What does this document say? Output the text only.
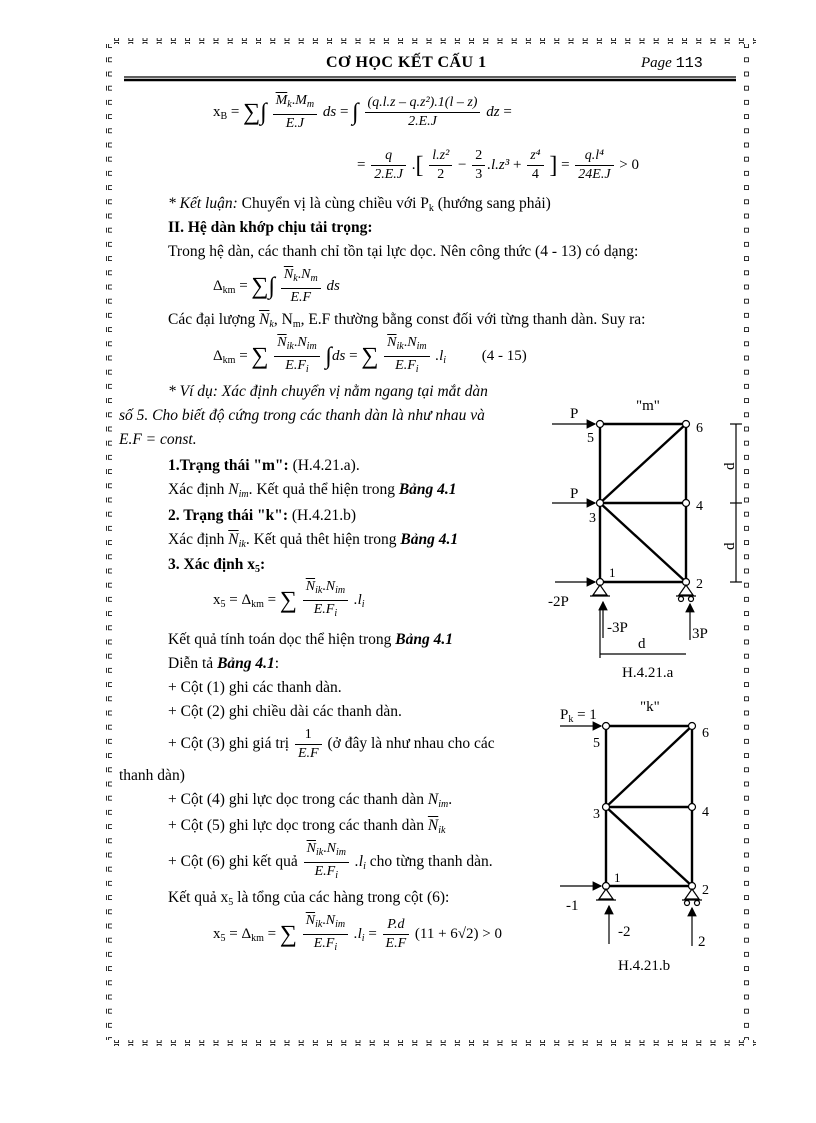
CƠ HỌC KẾT CẤU 1	Page 113
$x_B$ = ∑∫ $\frac{\overline{M}_k.M_m}{E.J}$ ds = ∫ $\frac{\text{(q.l.z – q.z²).1(l – z)}}{2.E.J}$ dz =
= $\frac{q}{2.E.J}$ .[ $\frac{\text{l.z²}}{2} - \frac{2}{3} .l.z^3 + \frac{\text{z⁴}}{4}$ ] = $\frac{\text{q.l⁴}}{24E.J} > 0$
* Kết luận: Chuyển vị là cùng chiều với $P_k$ (hướng sang phải)
II. Hệ dàn khớp chịu tải trọng:
Trong hệ dàn, các thanh chỉ tồn tại lực dọc. Nên công thức (4 - 13) có dạng:
$\Delta_{km}$ = ∑∫ $\frac{\overline{N}_k.N_m}{E.F}$ ds
Các đại lượng $\overline{N}_k$, $N_m$, E.F thường bằng const đối với từng thanh dàn. Suy ra:
$\Delta_{km}$ = ∑ $\frac{\overline{N}_{ik}.N_{im}}{E.F_i} \int ds$ = ∑ $\frac{\overline{N}_{ik}.N_{im}}{E.F_i} .l_i$ (4 - 15)
* Ví dụ: Xác định chuyển vị nằm ngang tại mắt dàn
số 5. Cho biết độ cứng trong các thanh dàn là như nhau và
E.F = const.
1.Trạng thái "m": (H.4.21.a).
Xác định $N_{im}$. Kết quả thể hiện trong Bảng 4.1
2. Trạng thái "k": (H.4.21.b)
Xác định $\overline{N}_{ik}$. Kết quả thêt hiện trong Bảng 4.1
3. Xác định $x_5$:
$x_5 = \Delta_{km}$ = ∑ $\frac{\overline{N}_{ik}.N_{im}}{E.F_i} .l_i$
Kết quả tính toán dọc thể hiện trong Bảng 4.1
Diễn tả Bảng 4.1:
+ Cột (1) ghi các thanh dàn.
+ Cột (2) ghi chiều dài các thanh dàn.
+ Cột (3) ghi giá trị $\frac{1}{E.F}$ (ở đây là như nhau cho các
thanh dàn)
+ Cột (4) ghi lực dọc trong các thanh dàn $N_{im}$.
+ Cột (5) ghi lực dọc trong các thanh dàn $\overline{N}_{ik}$
+ Cột (6) ghi kết quả $\frac{\overline{N}_{ik}.N_{im}}{E.F_i} .l_i$ cho từng thanh dàn.
Kết quả $x_5$ là tổng của các hàng trong cột (6):
$x_5 = \Delta_{km}$ = ∑ $\frac{\overline{N}_{ik}.N_{im}}{E.F_i} .l_i = \frac{P.d}{E.F} (11 + 6√2) > 0$
"m"
P
P
-2P
-3P	3P
d
d
d
1
2
3
4
5
6
H.4.21.a
"k"
$P_k = 1$
-1
-2
2
1
2
3	4
5
6
H.4.21.b
